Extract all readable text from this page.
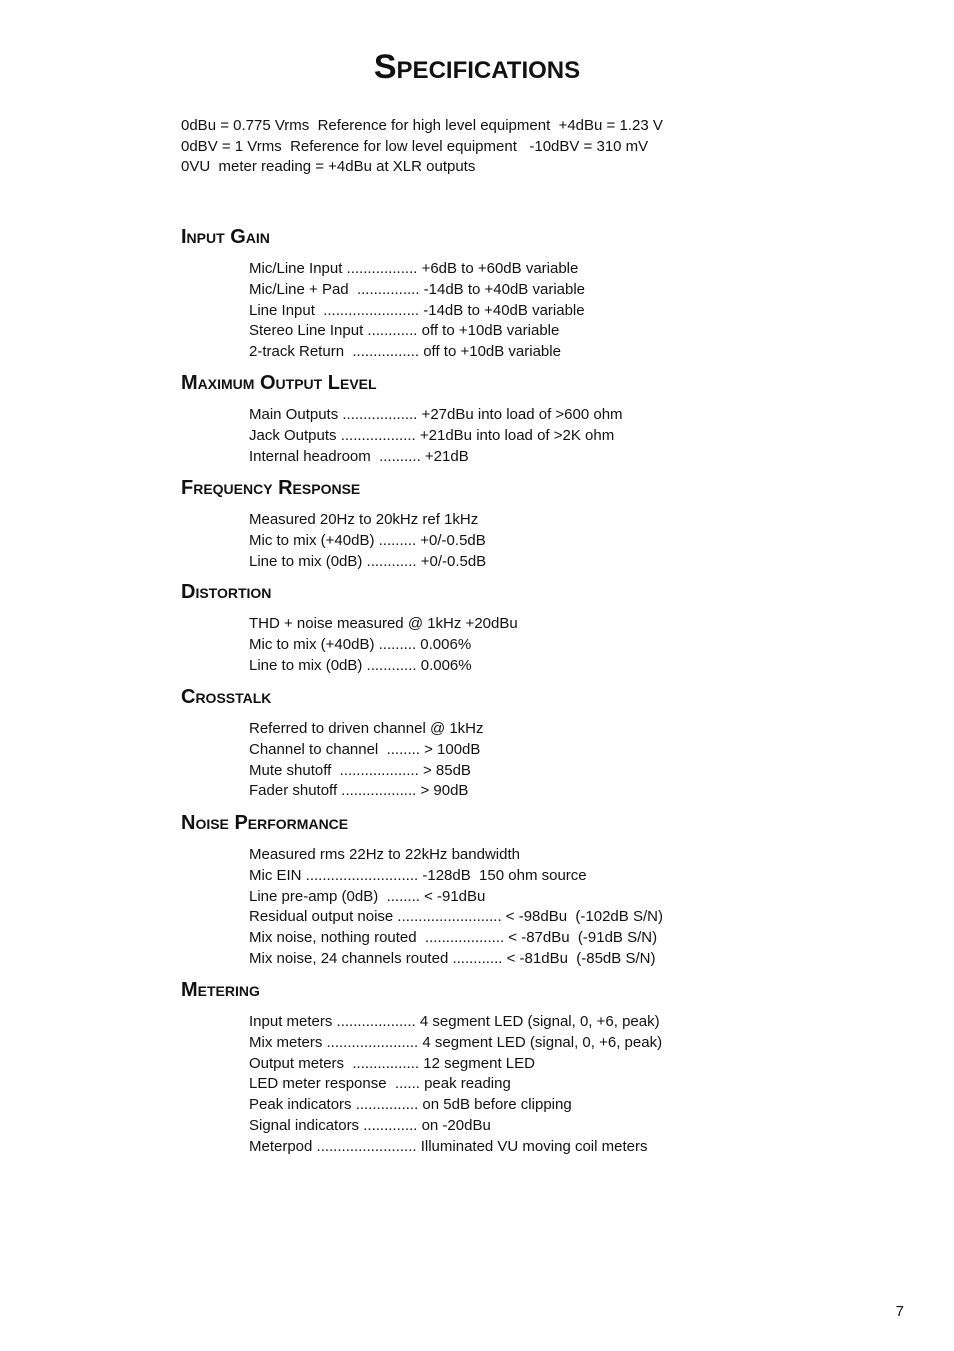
Specifications
0dBu = 0.775 Vrms  Reference for high level equipment  +4dBu = 1.23 V
0dBV = 1 Vrms  Reference for low level equipment   -10dBV = 310 mV
0VU  meter reading = +4dBu at XLR outputs
Input Gain
Mic/Line Input ................. +6dB to +60dB variable
Mic/Line + Pad  ............... -14dB to +40dB variable
Line Input  ....................... -14dB to +40dB variable
Stereo Line Input ............ off to +10dB variable
2-track Return  ................ off to +10dB variable
Maximum Output Level
Main Outputs .................. +27dBu into load of >600 ohm
Jack Outputs .................. +21dBu into load of >2K ohm
Internal headroom  .......... +21dB
Frequency Response
Measured 20Hz to 20kHz ref 1kHz
Mic to mix (+40dB) ......... +0/-0.5dB
Line to mix (0dB) ............ +0/-0.5dB
Distortion
THD + noise measured @ 1kHz +20dBu
Mic to mix (+40dB) ......... 0.006%
Line to mix (0dB) ............ 0.006%
Crosstalk
Referred to driven channel @ 1kHz
Channel to channel  ........ > 100dB
Mute shutoff  ................... > 85dB
Fader shutoff .................. > 90dB
Noise Performance
Measured rms 22Hz to 22kHz bandwidth
Mic EIN ........................... -128dB  150 ohm source
Line pre-amp (0dB)  ........ < -91dBu
Residual output noise ......................... < -98dBu  (-102dB S/N)
Mix noise, nothing routed  ................... < -87dBu  (-91dB S/N)
Mix noise, 24 channels routed ............ < -81dBu  (-85dB S/N)
Metering
Input meters ................... 4 segment LED (signal, 0, +6, peak)
Mix meters ...................... 4 segment LED (signal, 0, +6, peak)
Output meters  ................ 12 segment LED
LED meter response  ...... peak reading
Peak indicators ............... on 5dB before clipping
Signal indicators ............. on -20dBu
Meterpod ........................ Illuminated VU moving coil meters
7
